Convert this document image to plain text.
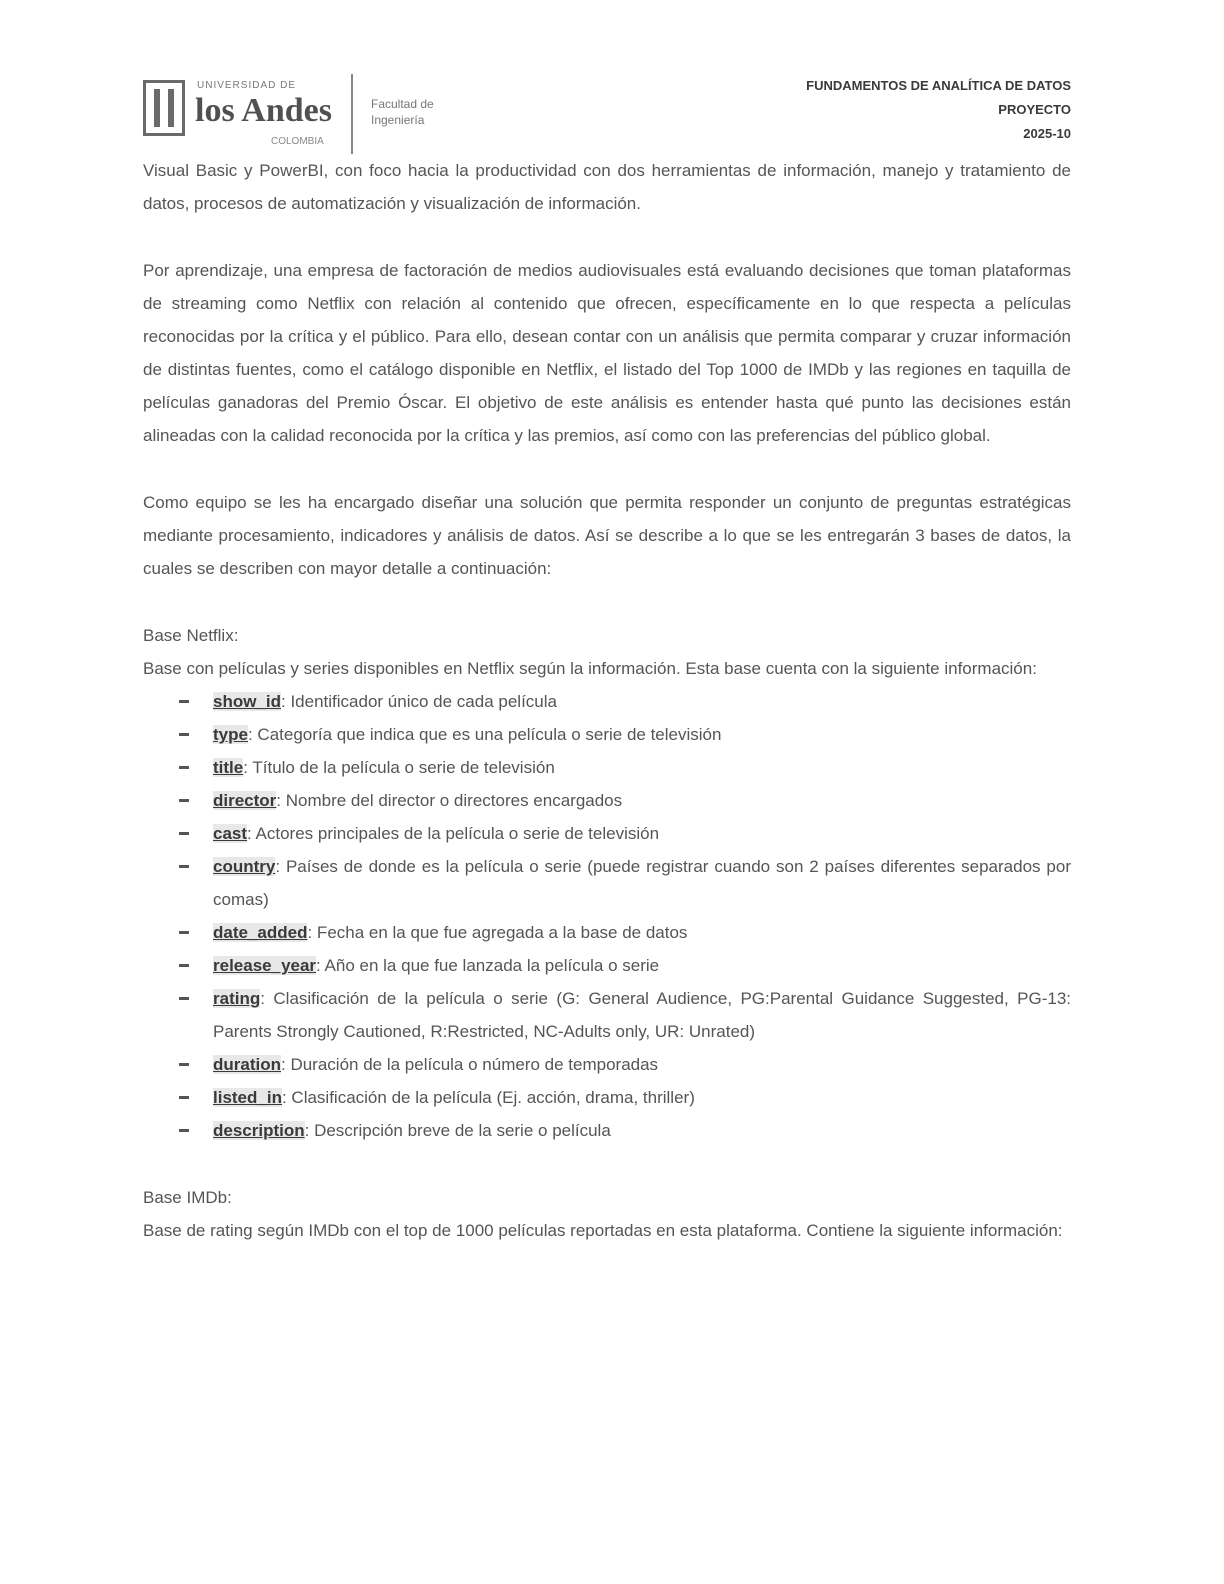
UNIVERSIDAD DE
los Andes
COLOMBIA
Facultad de
Ingeniería
FUNDAMENTOS DE ANALÍTICA DE DATOS
PROYECTO
2025-10

Visual Basic y PowerBI, con foco hacia la productividad con dos herramientas de información, manejo y tratamiento de datos, procesos de automatización y visualización de información.

Por aprendizaje, una empresa de factoración de medios audiovisuales está evaluando decisiones que toman plataformas de streaming como Netflix con relación al contenido que ofrecen, específicamente en lo que respecta a películas reconocidas por la crítica y el público. Para ello, desean contar con un análisis que permita comparar y cruzar información de distintas fuentes, como el catálogo disponible en Netflix, el listado del Top 1000 de IMDb y las regiones en taquilla de películas ganadoras del Premio Óscar. El objetivo de este análisis es entender hasta qué punto las decisiones están alineadas con la calidad reconocida por la crítica y las premios, así como con las preferencias del público global.

Como equipo se les ha encargado diseñar una solución que permita responder un conjunto de preguntas estratégicas mediante procesamiento, indicadores y análisis de datos. Así se describe a lo que se les entregarán 3 bases de datos, la cuales se describen con mayor detalle a continuación:

Base Netflix:

Base con películas y series disponibles en Netflix según la información. Esta base cuenta con la siguiente información:

show_id: Identificador único de cada película
type: Categoría que indica que es una película o serie de televisión
title: Título de la película o serie de televisión
director: Nombre del director o directores encargados
cast: Actores principales de la película o serie de televisión
country: Países de donde es la película o serie (puede registrar cuando son 2 países diferentes separados por comas)
date_added: Fecha en la que fue agregada a la base de datos
release_year: Año en la que fue lanzada la película o serie
rating: Clasificación de la película o serie (G: General Audience, PG:Parental Guidance Suggested, PG-13: Parents Strongly Cautioned, R:Restricted, NC-Adults only, UR: Unrated)
duration: Duración de la película o número de temporadas
listed_in: Clasificación de la película (Ej. acción, drama, thriller)
description: Descripción breve de la serie o película

Base IMDb:

Base de rating según IMDb con el top de 1000 películas reportadas en esta plataforma. Contiene la siguiente información:
